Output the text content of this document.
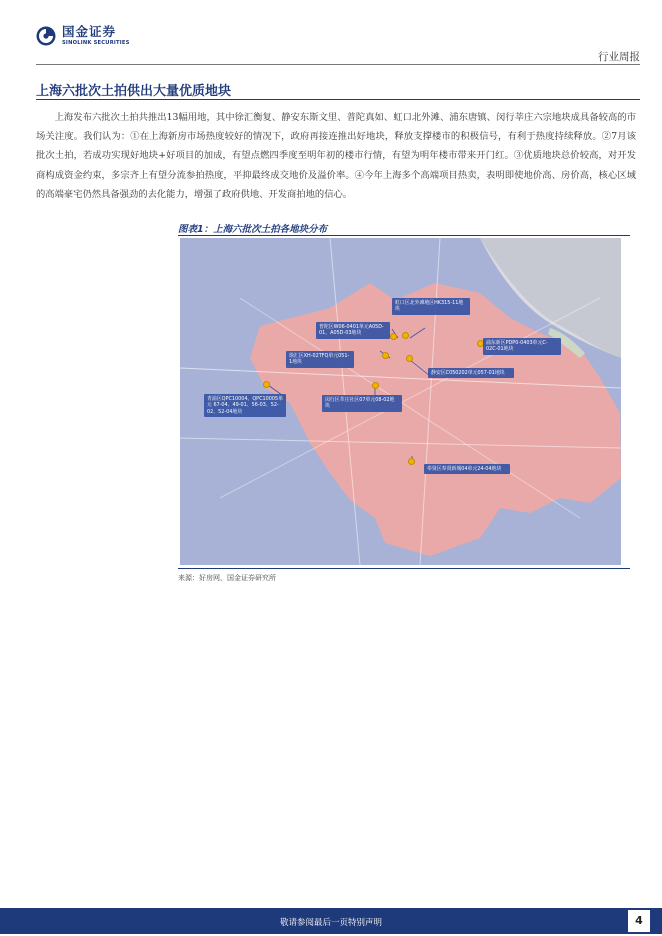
国金证券
SINOLINK SECURITIES
行业周报
上海六批次土拍供出大量优质地块

上海发布六批次土拍共推出13幅用地，其中徐汇衡复、静安东斯文里、普陀真如、虹口北外滩、浦东唐镇、闵行莘庄六宗地块成具备较高的市场关注度。我们认为：①在上海新房市场热度较好的情况下，政府再接连推出好地块，释放支撑楼市的积极信号，有利于热度持续释放。②7月该批次土拍，若成功实现好地块+好项目的加成，有望点燃四季度至明年初的楼市行情，有望为明年楼市带来开门红。③优质地块总价较高，对开发商构成资金约束，多宗齐上有望分流参拍热度，平抑最终成交地价及溢价率。④今年上海多个高端项目热卖，表明即使地价高、房价高，核心区域的高端豪宅仍然具备强劲的去化能力，增强了政府供地、开发商拍地的信心。

图表1：上海六批次土拍各地块分布
虹口区北外滩地区HK315-11地块
普陀区W06-0401单元A05D-01、A05D-03地块
徐汇区XH-02TFQ单元051-1地块
浦东新区PDP0-0403单元C-02C-01地块
静安区C050202单元057-01地块
青浦区QPC10004、QPC10005单元 67-04、49-01、56-03、52-02、52-04地块
闵行区莘庄社区07单元08-02地块
奉贤区奉贤新城04单元24-04地块
来源：好房网，国金证券研究所
敬请参阅最后一页特别声明	4
